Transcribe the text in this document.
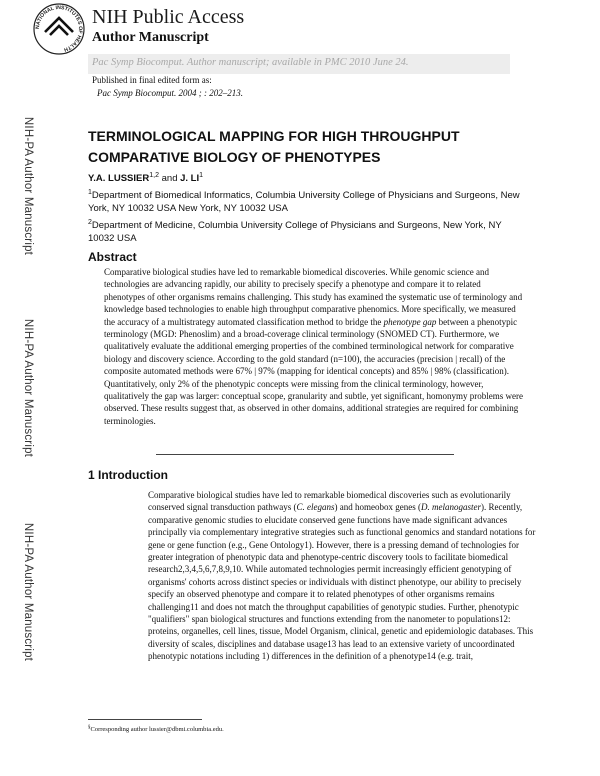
NATIONAL INSTITUTES OF HEALTH
NIH Public Access
Author Manuscript
Pac Symp Biocomput. Author manuscript; available in PMC 2010 June 24.
Published in final edited form as:
Pac Symp Biocomput. 2004 ; : 202–213.
NIH-PA Author Manuscript
NIH-PA Author Manuscript
NIH-PA Author Manuscript
TERMINOLOGICAL MAPPING FOR HIGH THROUGHPUT COMPARATIVE BIOLOGY OF PHENOTYPES
Y.A. LUSSIER$^{1,2}$ and J. $LI^1$
$^1$Department of Biomedical Informatics, Columbia University College of Physicians and Surgeons, New York, NY 10032 USA New York, NY 10032 USA
$^2$Department of Medicine, Columbia University College of Physicians and Surgeons, New York, NY 10032 USA
Abstract
Comparative biological studies have led to remarkable biomedical discoveries. While genomic science and technologies are advancing rapidly, our ability to precisely specify a phenotype and compare it to related phenotypes of other organisms remains challenging. This study has examined the systematic use of terminology and knowledge based technologies to enable high throughput comparative phenomics. More specifically, we measured the accuracy of a multistrategy automated classification method to bridge the phenotype gap between a phenotypic terminology (MGD: Phenoslim) and a broad-coverage clinical terminology (SNOMED CT). Furthermore, we qualitatively evaluate the additional emerging properties of the combined terminological network for comparative biology and discovery science. According to the gold standard (n=100), the accuracies (precision | recall) of the composite automated methods were 67% | 97% (mapping for identical concepts) and 85% | 98% (classification). Quantitatively, only 2% of the phenotypic concepts were missing from the clinical terminology, however, qualitatively the gap was larger: conceptual scope, granularity and subtle, yet significant, homonymy problems were observed. These results suggest that, as observed in other domains, additional strategies are required for combining terminologies.
1 Introduction
Comparative biological studies have led to remarkable biomedical discoveries such as evolutionarily conserved signal transduction pathways (C. elegans) and homeobox genes (D. melanogaster). Recently, comparative genomic studies to elucidate conserved gene functions have made significant advances principally via complementary integrative strategies such as functional genomics and standard notations for gene or gene function (e.g., Gene Ontology1). However, there is a pressing demand of technologies for greater integration of phenotypic data and phenotype-centric discovery tools to facilitate biomedical research2,3,4,5,6,7,8,9,10. While automated technologies permit increasingly efficient genotyping of organisms' cohorts across distinct species or individuals with distinct phenotype, our ability to precisely specify an observed phenotype and compare it to related phenotypes of other organisms remains challenging11 and does not match the throughput capabilities of genotypic studies. Further, phenotypic "qualifiers" span biological structures and functions extending from the nanometer to populations12: proteins, organelles, cell lines, tissue, Model Organism, clinical, genetic and epidemiologic databases. This diversity of scales, disciplines and database usage13 has lead to an extensive variety of uncoordinated phenotypic notations including 1) differences in the definition of a phenotype14 (e.g. trait,
§Corresponding author lussier@dbmi.columbia.edu.
